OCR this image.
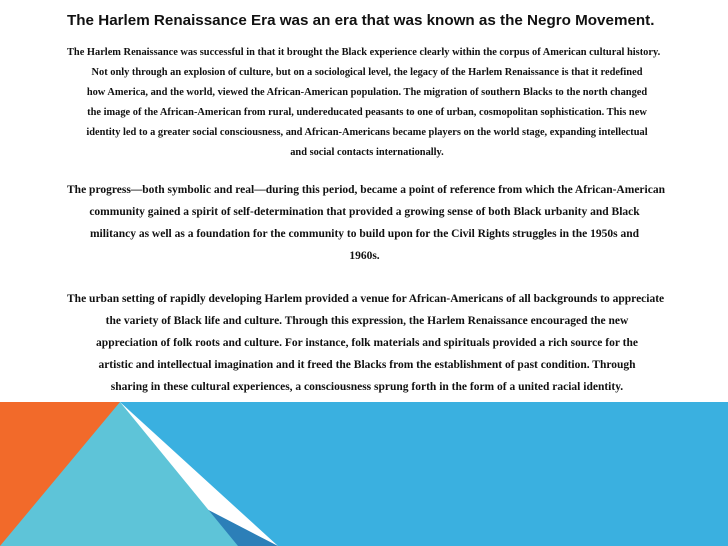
The Harlem Renaissance Era was an era that was known as the Negro Movement.

The Harlem Renaissance was successful in that it brought the Black experience clearly within the corpus of American cultural history.
Not only through an explosion of culture, but on a sociological level, the legacy of the Harlem Renaissance is that it redefined
how America, and the world, viewed the African-American population. The migration of southern Blacks to the north changed
the image of the African-American from rural, undereducated peasants to one of urban, cosmopolitan sophistication. This new
identity led to a greater social consciousness, and African-Americans became players on the world stage, expanding intellectual
and social contacts internationally.

The progress—both symbolic and real—during this period, became a point of reference from which the African-American
community gained a spirit of self-determination that provided a growing sense of both Black urbanity and Black
militancy as well as a foundation for the community to build upon for the Civil Rights struggles in the 1950s and
1960s.

The urban setting of rapidly developing Harlem provided a venue for African-Americans of all backgrounds to appreciate
the variety of Black life and culture. Through this expression, the Harlem Renaissance encouraged the new
appreciation of folk roots and culture. For instance, folk materials and spirituals provided a rich source for the
artistic and intellectual imagination and it freed the Blacks from the establishment of past condition. Through
sharing in these cultural experiences, a consciousness sprung forth in the form of a united racial identity.
